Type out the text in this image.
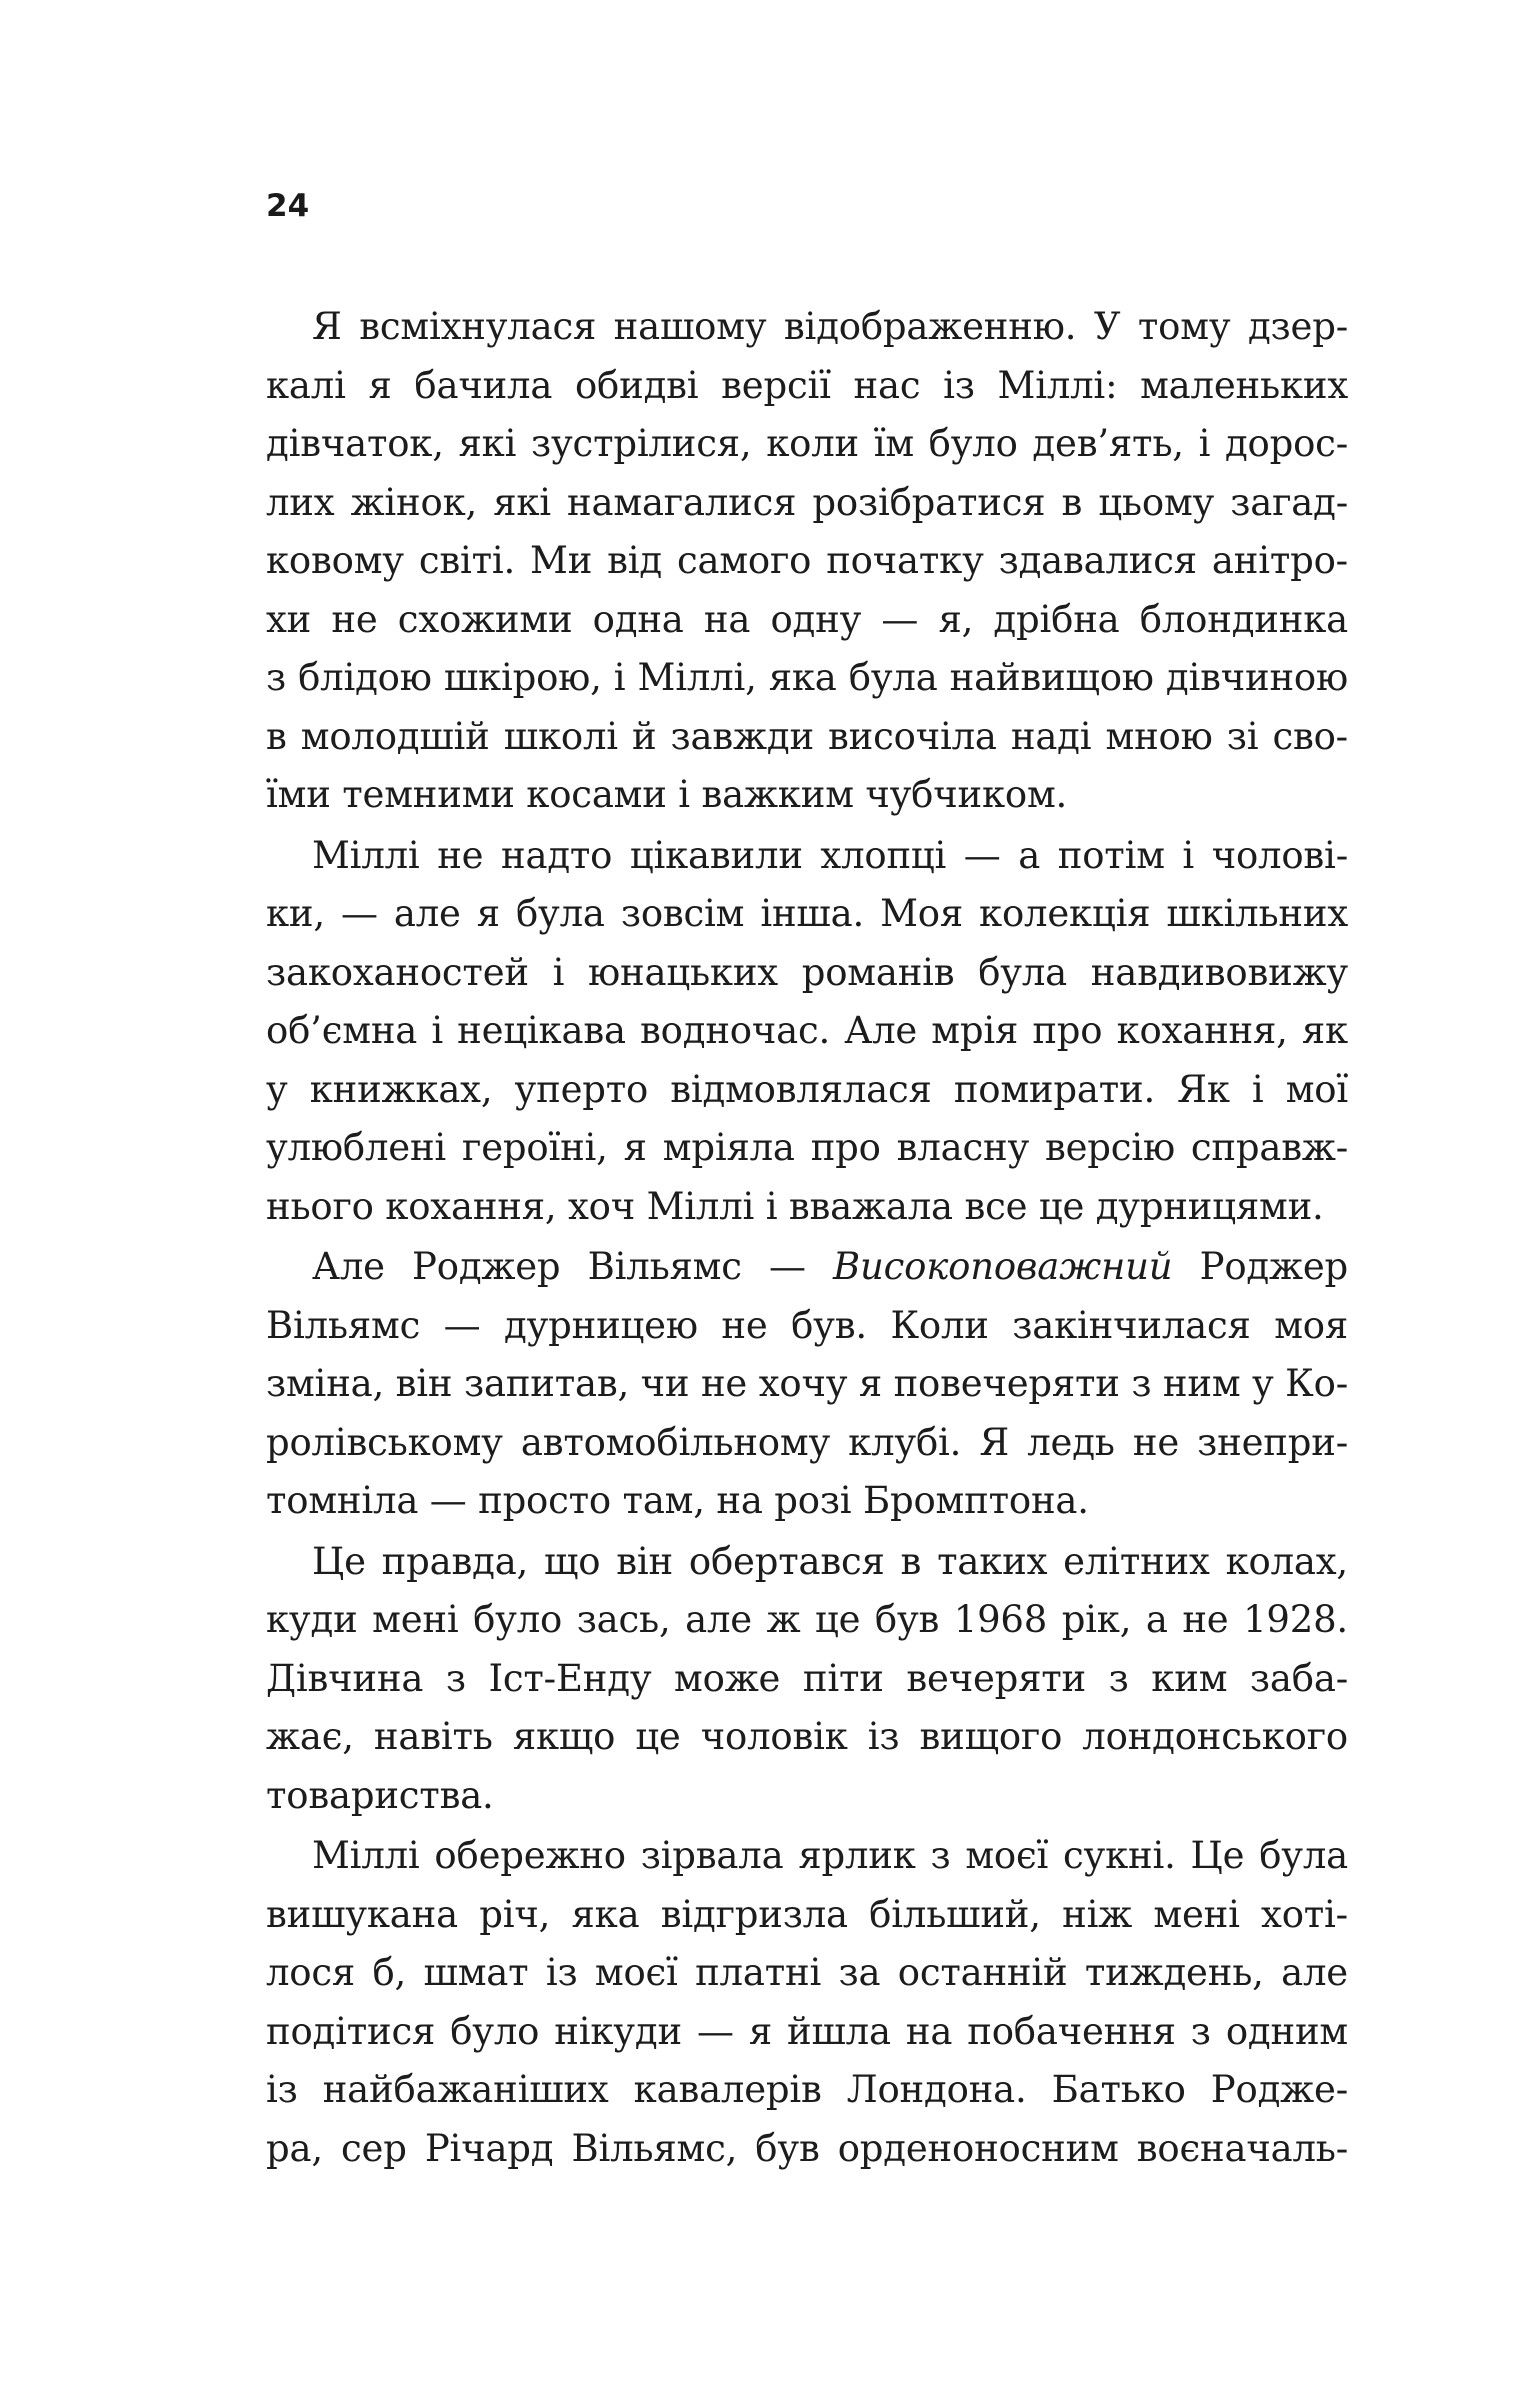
24

Я всміхнулася нашому відображенню. У тому дзер-
калі я бачила обидві версії нас із Міллі: маленьких
дівчаток, які зустрілися, коли їм було дев’ять, і дорос-
лих жінок, які намагалися розібратися в цьому загад-
ковому світі. Ми від самого початку здавалися анітро-
хи не схожими одна на одну — я, дрібна блондинка
з блідою шкірою, і Міллі, яка була найвищою дівчиною
в молодшій школі й завжди височіла наді мною зі сво-
їми темними косами і важким чубчиком.
Міллі не надто цікавили хлопці — а потім і чолові-
ки, — але я була зовсім інша. Моя колекція шкільних
закоханостей і юнацьких романів була навдивовижу
об’ємна і нецікава водночас. Але мрія про кохання, як
у книжках, уперто відмовлялася помирати. Як і мої
улюблені героїні, я мріяла про власну версію справж-
нього кохання, хоч Міллі і вважала все це дурницями.
Але Роджер Вільямс — Високоповажний Роджер
Вільямс — дурницею не був. Коли закінчилася моя
зміна, він запитав, чи не хочу я повечеряти з ним у Ко-
ролівському автомобільному клубі. Я ледь не знепри-
томніла — просто там, на розі Бромптона.
Це правда, що він обертався в таких елітних колах,
куди мені було зась, але ж це був 1968 рік, а не 1928.
Дівчина з Іст-Енду може піти вечеряти з ким заба-
жає, навіть якщо це чоловік із вищого лондонського
товариства.
Міллі обережно зірвала ярлик з моєї сукні. Це була
вишукана річ, яка відгризла більший, ніж мені хоті-
лося б, шмат із моєї платні за останній тиждень, але
подітися було нікуди — я йшла на побачення з одним
із найбажаніших кавалерів Лондона. Батько Родже-
ра, сер Річард Вільямс, був орденоносним воєначаль-
